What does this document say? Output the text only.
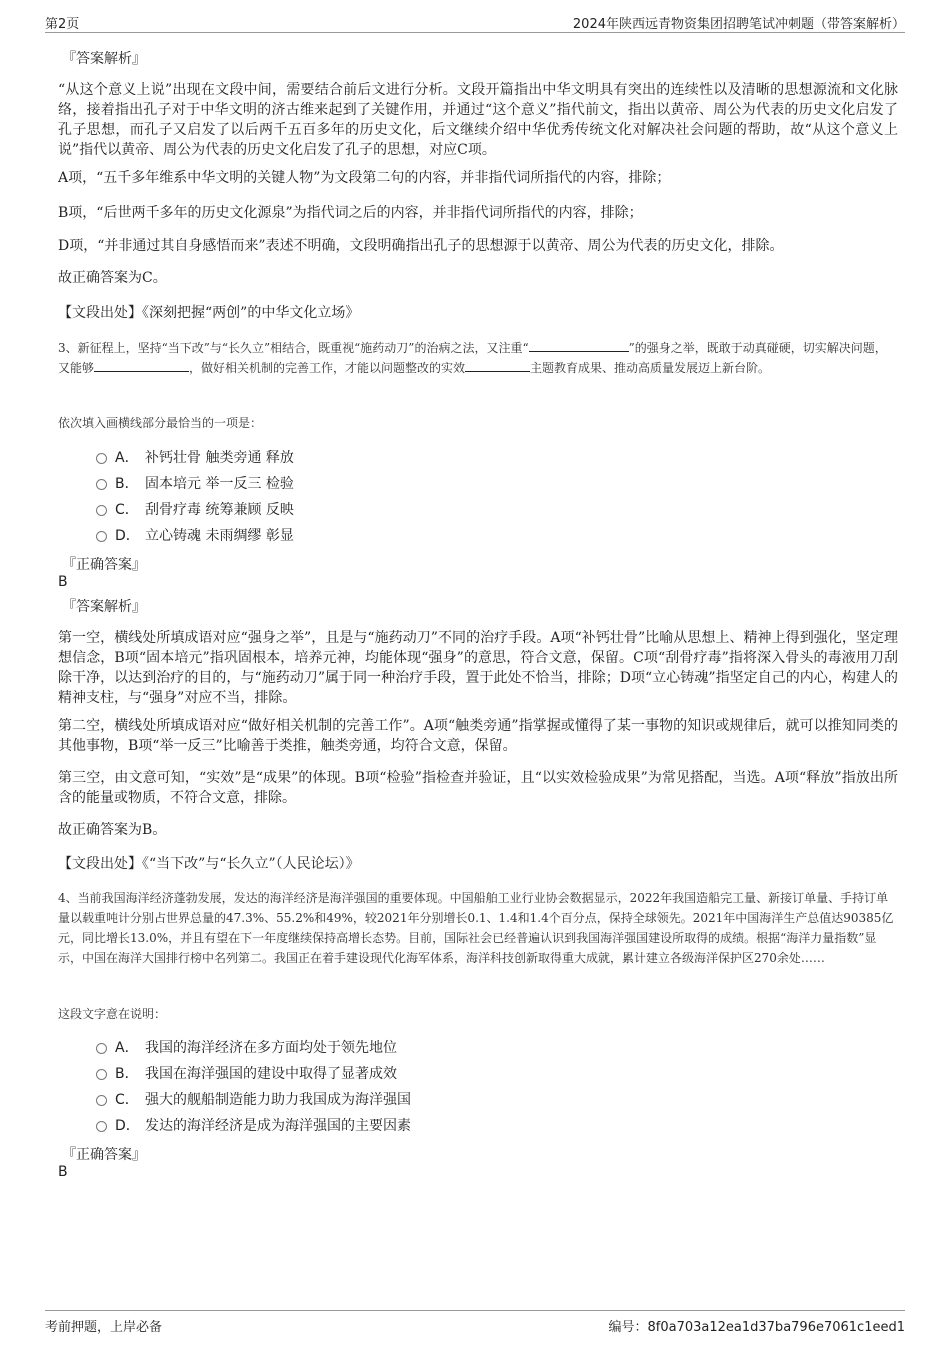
第2页	2024年陕西远青物资集团招聘笔试冲刺题（带答案解析）
『答案解析』

“从这个意义上说”出现在文段中间，需要结合前后文进行分析。文段开篇指出中华文明具有突出的连续性以及清晰的思想源流和文化脉络，接着指出孔子对于中华文明的济古维来起到了关键作用，并通过“这个意义”指代前文，指出以黄帝、周公为代表的历史文化启发了孔子思想，而孔子又启发了以后两千五百多年的历史文化，后文继续介绍中华优秀传统文化对解决社会问题的帮助，故“从这个意义上说”指代以黄帝、周公为代表的历史文化启发了孔子的思想，对应C项。

A项，“五千多年维系中华文明的关键人物”为文段第二句的内容，并非指代词所指代的内容，排除；

B项，“后世两千多年的历史文化源泉”为指代词之后的内容，并非指代词所指代的内容，排除；

D项，“并非通过其自身感悟而来”表述不明确，文段明确指出孔子的思想源于以黄帝、周公为代表的历史文化，排除。

故正确答案为C。

【文段出处】《深刻把握“两创”的中华文化立场》

3、新征程上，坚持“当下改”与“长久立”相结合，既重视“施药动刀”的治病之法，又注重“	”的强身之举，既敢于动真碰硬，切实解决问题，又能够	，做好相关机制的完善工作，才能以问题整改的实效	主题教育成果、推动高质量发展迈上新台阶。

依次填入画横线部分最恰当的一项是：
A． 补钙壮骨 触类旁通 释放
B． 固本培元 举一反三 检验
C． 刮骨疗毒 统筹兼顾 反映
D． 立心铸魂 未雨绸缪 彰显
『正确答案』
B
『答案解析』

第一空，横线处所填成语对应“强身之举”，且是与“施药动刀”不同的治疗手段。A项“补钙壮骨”比喻从思想上、精神上得到强化，坚定理想信念，B项“固本培元”指巩固根本，培养元神，均能体现“强身”的意思，符合文意，保留。C项“刮骨疗毒”指将深入骨头的毒液用刀刮除干净，以达到治疗的目的，与“施药动刀”属于同一种治疗手段，置于此处不恰当，排除；D项“立心铸魂”指坚定自己的内心，构建人的精神支柱，与“强身”对应不当，排除。

第二空，横线处所填成语对应“做好相关机制的完善工作”。A项“触类旁通”指掌握或懂得了某一事物的知识或规律后，就可以推知同类的其他事物，B项“举一反三”比喻善于类推，触类旁通，均符合文意，保留。

第三空，由文意可知，“实效”是“成果”的体现。B项“检验”指检查并验证，且“以实效检验成果”为常见搭配，当选。A项“释放”指放出所含的能量或物质，不符合文意，排除。

故正确答案为B。

【文段出处】《“当下改”与“长久立”（人民论坛）》

4、当前我国海洋经济蓬勃发展，发达的海洋经济是海洋强国的重要体现。中国船舶工业行业协会数据显示，2022年我国造船完工量、新接订单量、手持订单量以载重吨计分别占世界总量的47.3%、55.2%和49%，较2021年分别增长0.1、1.4和1.4个百分点，保持全球领先。2021年中国海洋生产总值达90385亿元，同比增长13.0%，并且有望在下一年度继续保持高增长态势。目前，国际社会已经普遍认识到我国海洋强国建设所取得的成绩。根据“海洋力量指数”显示，中国在海洋大国排行榜中名列第二。我国正在着手建设现代化海军体系，海洋科技创新取得重大成就，累计建立各级海洋保护区270余处……

这段文字意在说明：
A． 我国的海洋经济在多方面均处于领先地位
B． 我国在海洋强国的建设中取得了显著成效
C． 强大的舰船制造能力助力我国成为海洋强国
D． 发达的海洋经济是成为海洋强国的主要因素
『正确答案』
B
考前押题，上岸必备	编号：8f0a703a12ea1d37ba796e7061c1eed1
